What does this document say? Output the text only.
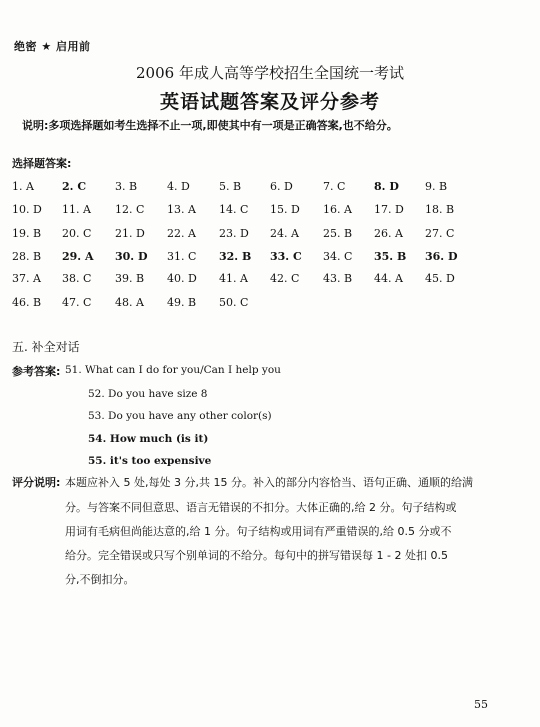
绝密 ★ 启用前
2006 年成人高等学校招生全国统一考试
英语试题答案及评分参考
说明:多项选择题如考生选择不止一项,即使其中有一项是正确答案,也不给分。
选择题答案:
1. A	2. C	3. B	4. D	5. B	6. D	7. C	8. D 9. B
10. D 11. A 12. C 13. A 14. C 15. D 16. A 17. D 18. B
19. B 20. C 21. D 22. A 23. D 24. A 25. B 26. A 27. C
28. B 29. A 30. D 31. C 32. B 33. C 34. C 35. B 36. D
37. A 38. C 39. B 40. D 41. A 42. C 43. B 44. A 45. D
46. B 47. C 48. A 49. B 50. C
五. 补全对话
参考答案: 51. What can I do for you/Can I help you
52. Do you have size 8
53. Do you have any other color(s)
54. How much (is it)
55. it's too expensive
评分说明: 本题应补入 5 处,每处 3 分,共 15 分。补入的部分内容恰当、语句正确、通顺的给满
分。与答案不同但意思、语言无错误的不扣分。大体正确的,给 2 分。句子结构或
用词有毛病但尚能达意的,给 1 分。句子结构或用词有严重错误的,给 0.5 分或不
给分。完全错误或只写个别单词的不给分。每句中的拼写错误每 1 - 2 处扣 0.5
分,不倒扣分。
55
